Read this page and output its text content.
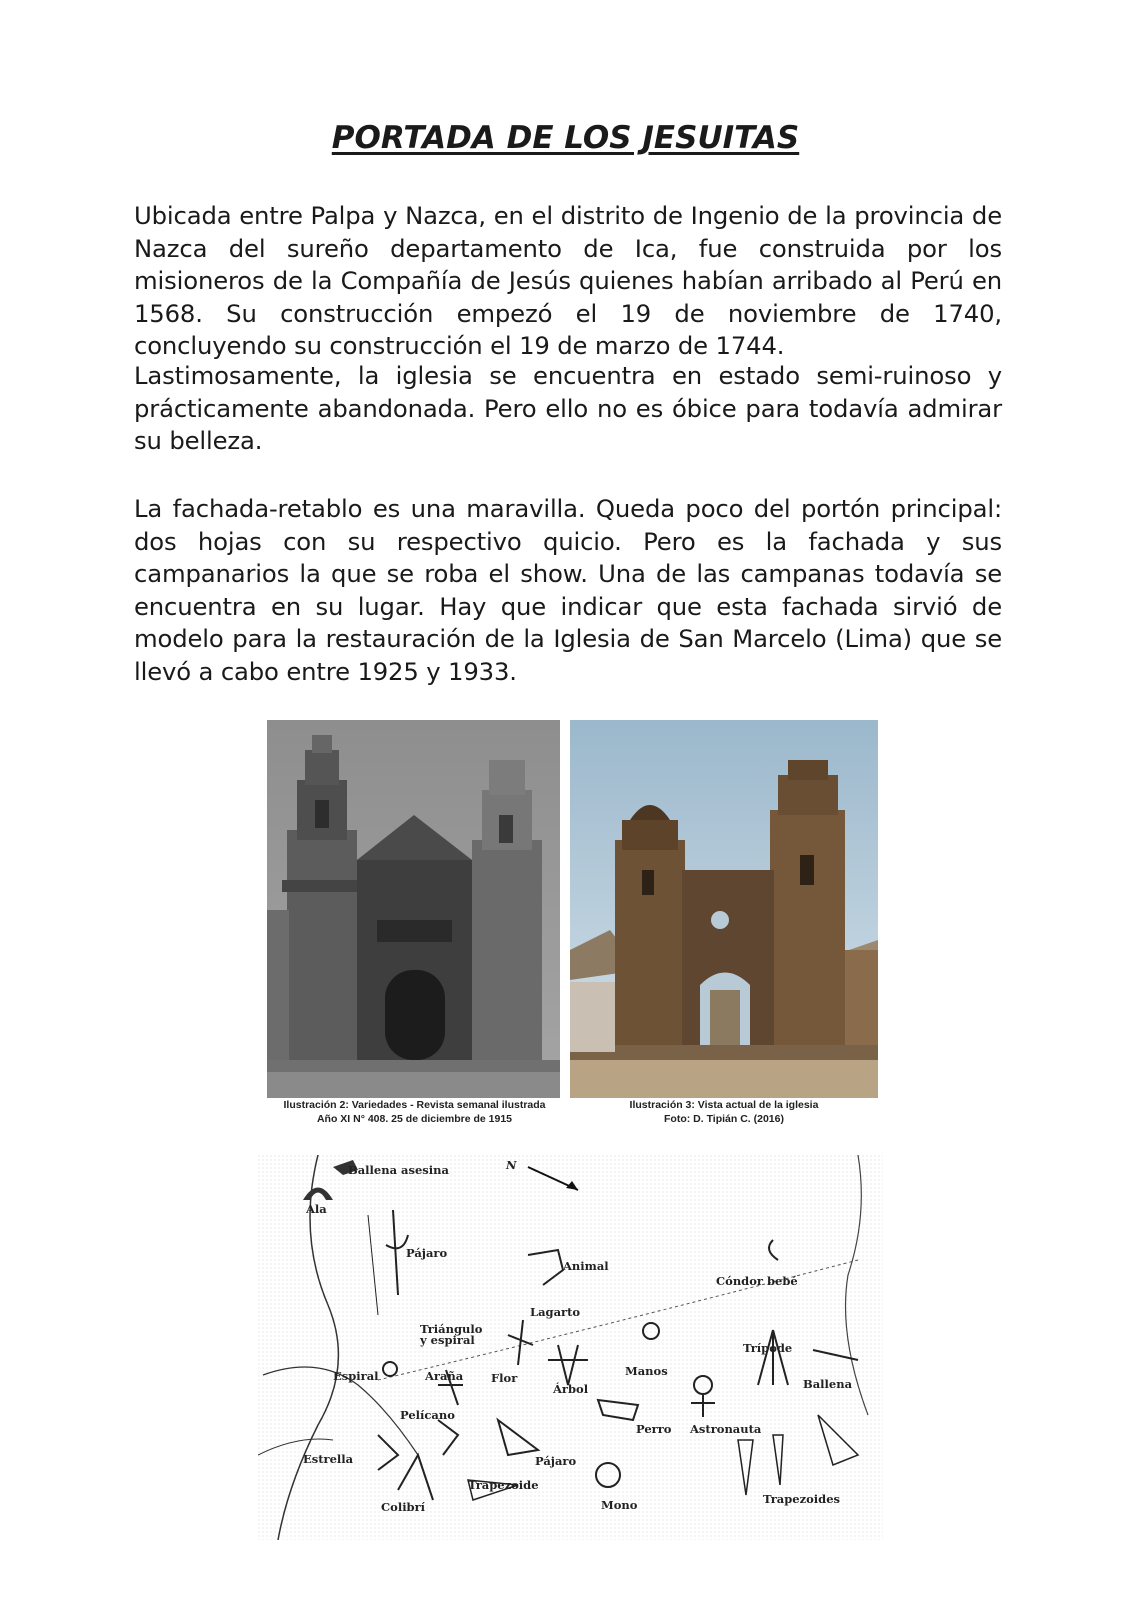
PORTADA DE LOS JESUITAS

Ubicada entre Palpa y Nazca, en el distrito de Ingenio de la provincia de Nazca del sureño departamento de Ica, fue construida por los misioneros de la Compañía de Jesús quienes habían arribado al Perú en 1568. Su construcción empezó el 19 de noviembre de 1740, concluyendo su construcción el 19 de marzo de 1744.

Lastimosamente, la iglesia se encuentra en estado semi-ruinoso y prácticamente abandonada. Pero ello no es óbice para todavía admirar su belleza.

La fachada-retablo es una maravilla. Queda poco del portón principal: dos hojas con su respectivo quicio. Pero es la fachada y sus campanarios la que se roba el show. Una de las campanas todavía se encuentra en su lugar. Hay que indicar que esta fachada sirvió de modelo para la restauración de la Iglesia de San Marcelo (Lima) que se llevó a cabo entre 1925 y 1933.

Ilustración 2: Variedades - Revista semanal ilustrada
Año XI N° 408. 25 de diciembre de 1915
Ilustración 3: Vista actual de la iglesia
Foto: D. Tipián C. (2016)
N
Ballena asesina
Ala
Pájaro
Animal
Cóndor bebé
Lagarto
Triángulo
y espiral
Trípode
Espiral	Araña Flor	Manos
Árbol	Ballena
Pelícano
Perro Astronauta
Estrella	Pájaro
Trapezoide
Colibrí	Mono	Trapezoides
